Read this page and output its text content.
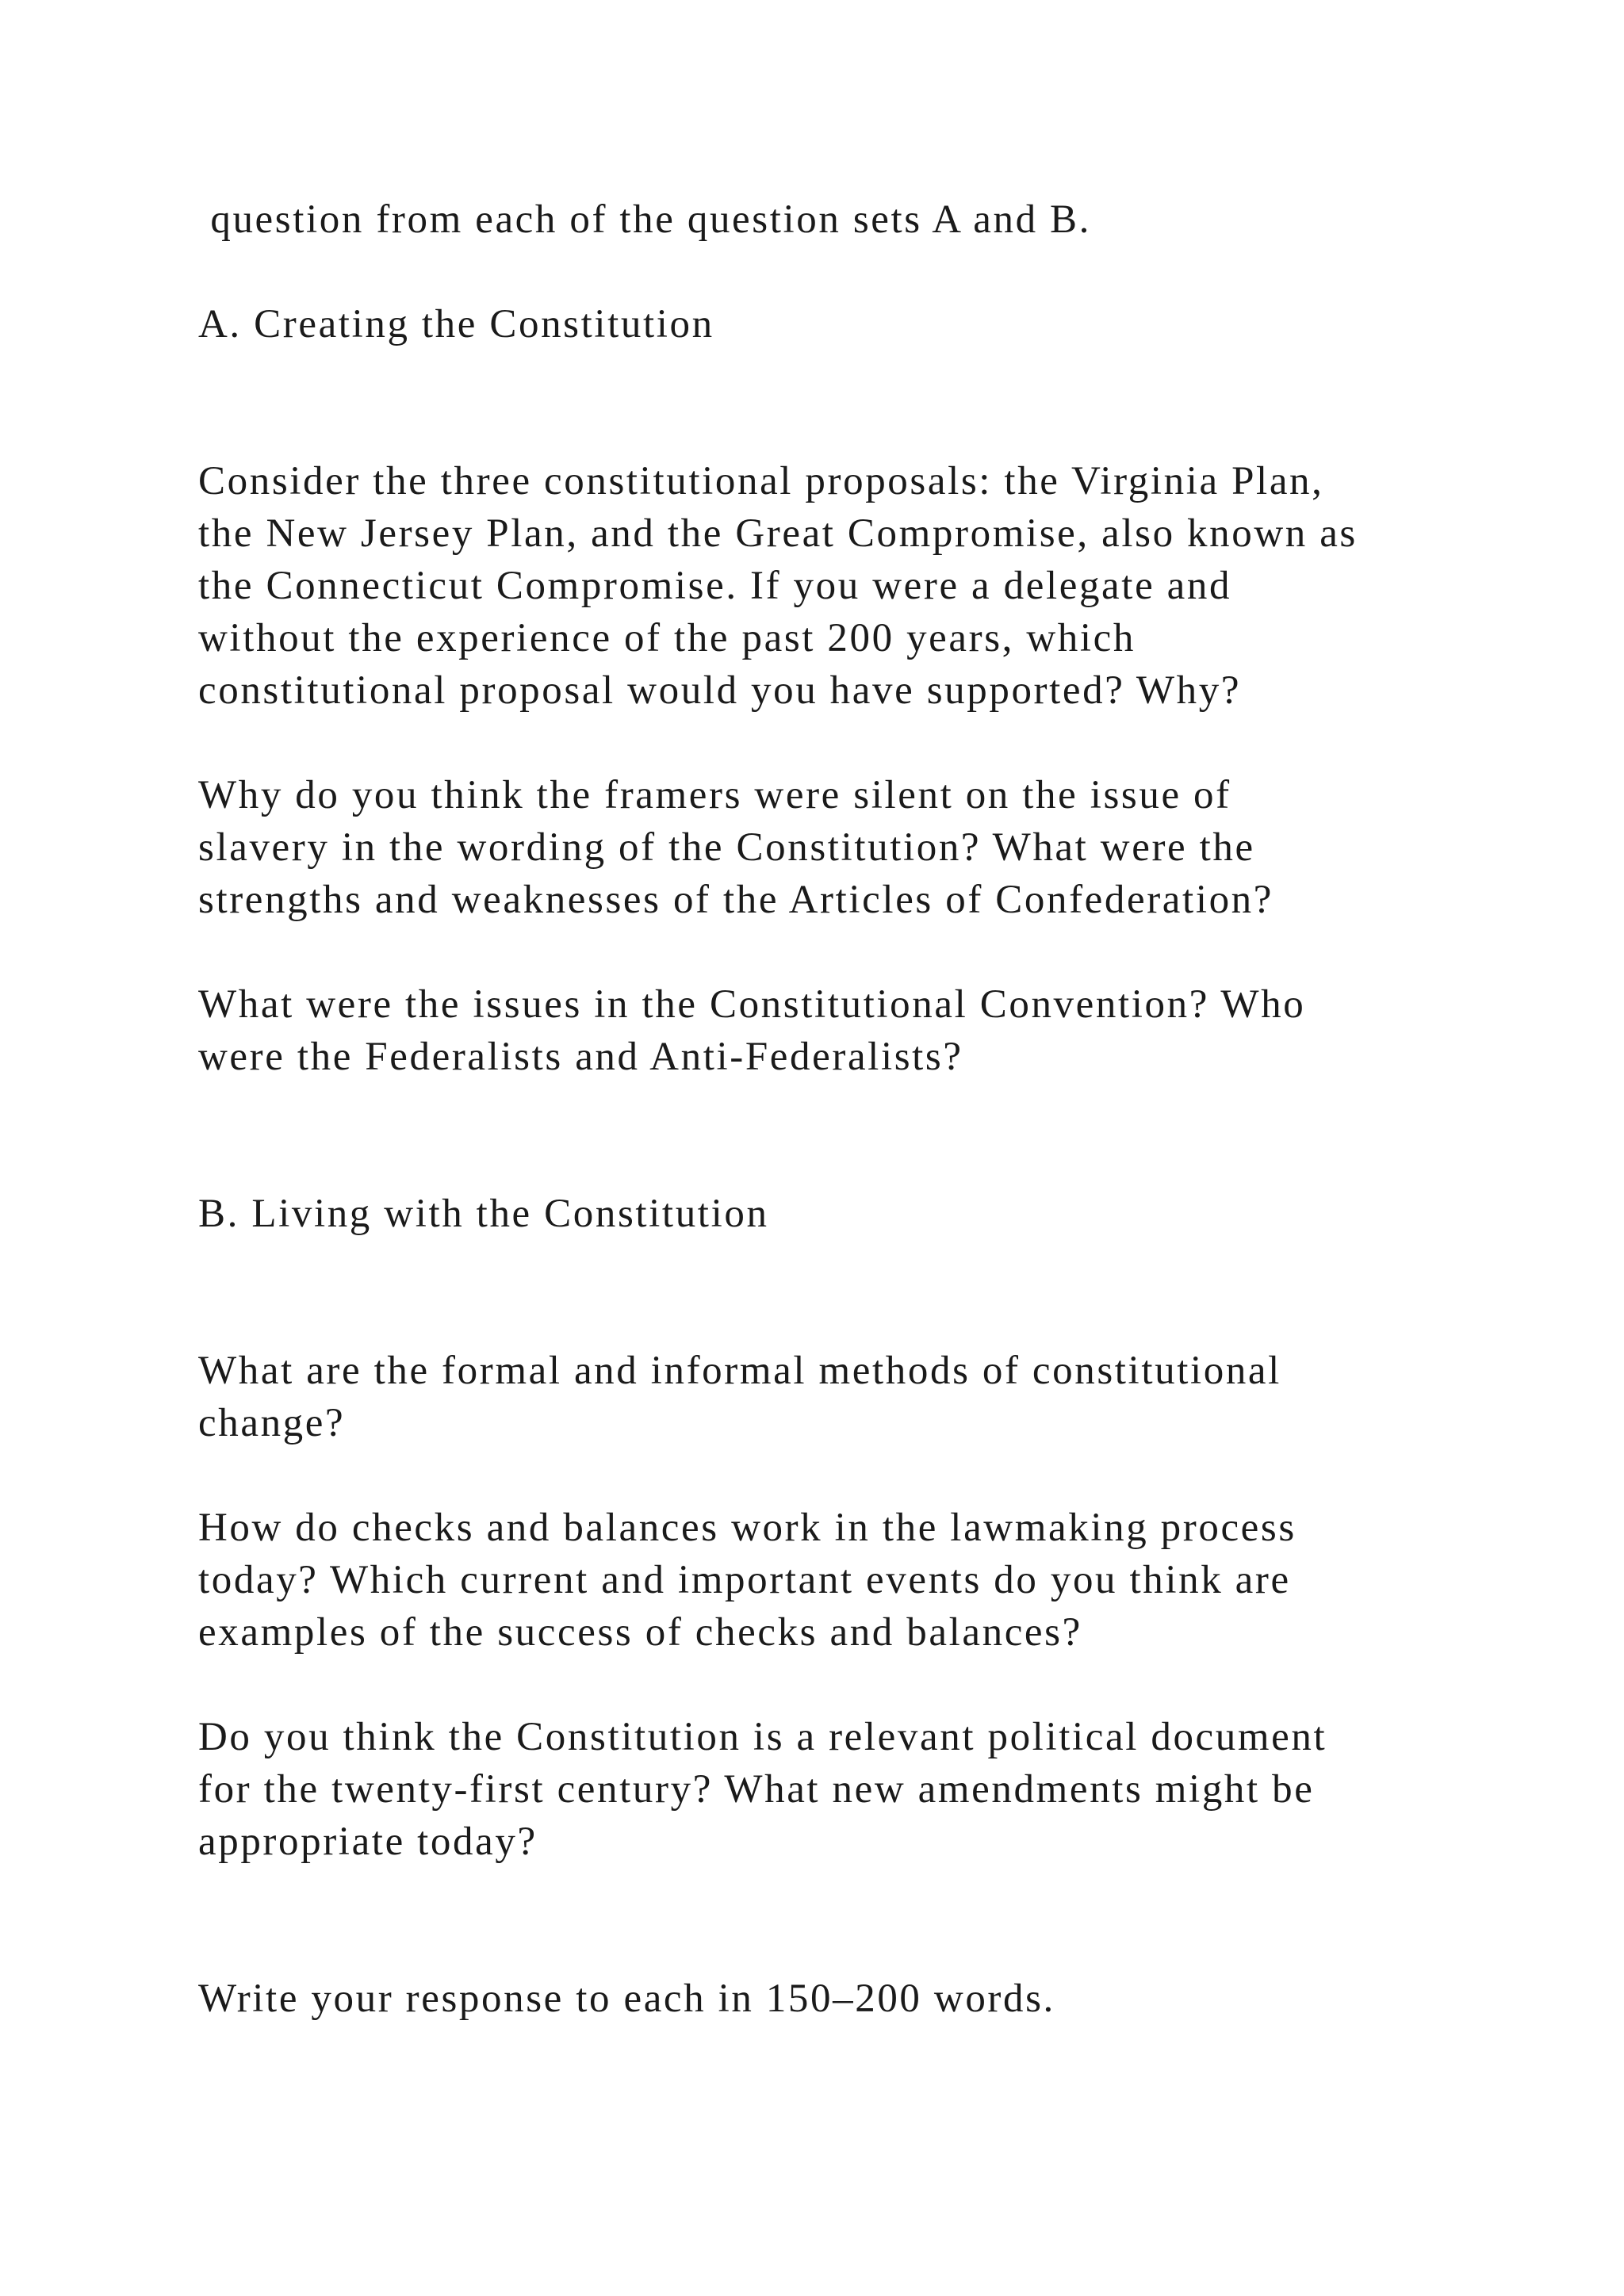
question from each of the question sets A and B.

A. Creating the Constitution

Consider the three constitutional proposals: the Virginia Plan,

the New Jersey Plan, and the Great Compromise, also known as

the Connecticut Compromise. If you were a delegate and

without the experience of the past 200 years, which

constitutional proposal would you have supported? Why?

Why do you think the framers were silent on the issue of

slavery in the wording of the Constitution? What were the

strengths and weaknesses of the Articles of Confederation?

What were the issues in the Constitutional Convention? Who

were the Federalists and Anti-Federalists?

B. Living with the Constitution

What are the formal and informal methods of constitutional

change?

How do checks and balances work in the lawmaking process

today? Which current and important events do you think are

examples of the success of checks and balances?

Do you think the Constitution is a relevant political document

for the twenty-first century? What new amendments might be

appropriate today?

Write your response to each in 150–200 words.
